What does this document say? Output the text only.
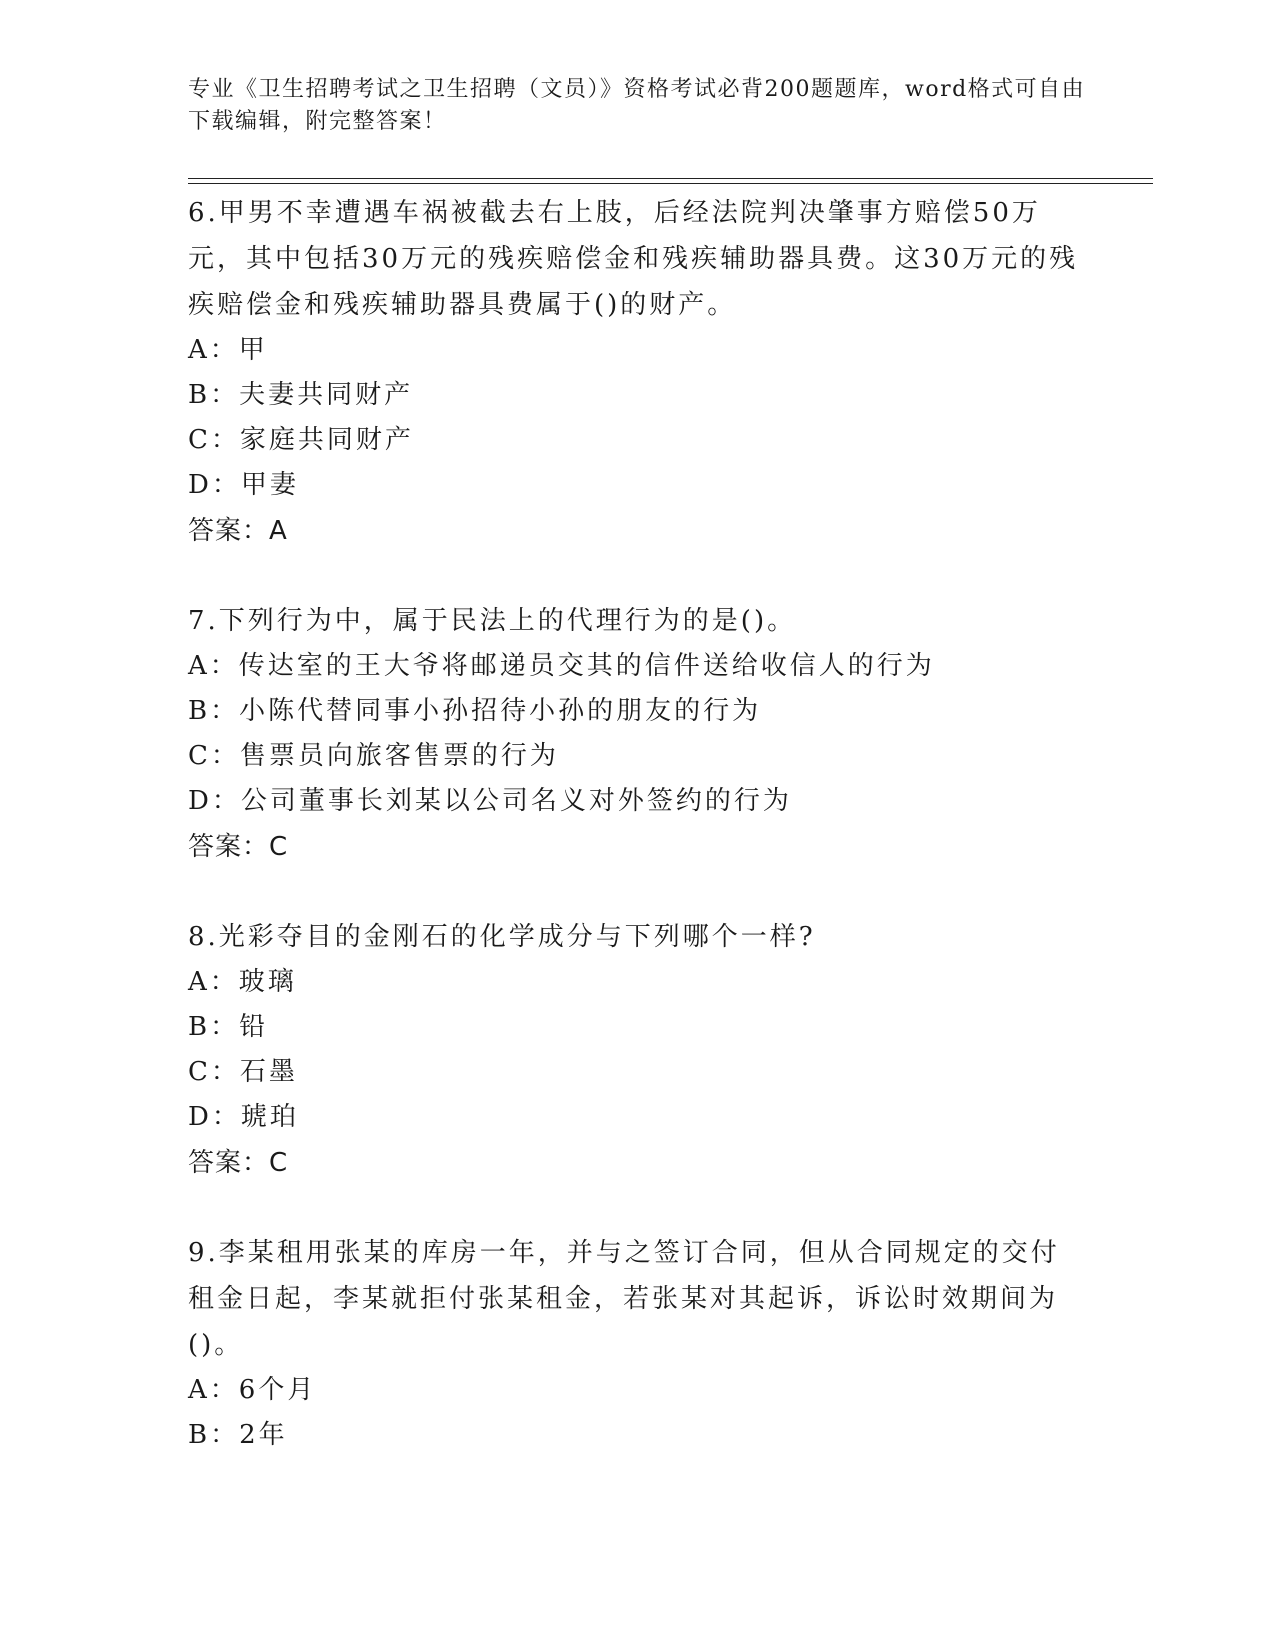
专业《卫生招聘考试之卫生招聘（文员）》资格考试必背200题题库，word格式可自由下载编辑，附完整答案！

6.甲男不幸遭遇车祸被截去右上肢，后经法院判决肇事方赔偿50万元，其中包括30万元的残疾赔偿金和残疾辅助器具费。这30万元的残疾赔偿金和残疾辅助器具费属于()的财产。

A：甲
B：夫妻共同财产
C：家庭共同财产
D：甲妻
答案：A

7.下列行为中，属于民法上的代理行为的是()。

A：传达室的王大爷将邮递员交其的信件送给收信人的行为
B：小陈代替同事小孙招待小孙的朋友的行为
C：售票员向旅客售票的行为
D：公司董事长刘某以公司名义对外签约的行为
答案：C

8.光彩夺目的金刚石的化学成分与下列哪个一样?

A：玻璃
B：铅
C：石墨
D：琥珀
答案：C

9.李某租用张某的库房一年，并与之签订合同，但从合同规定的交付租金日起，李某就拒付张某租金，若张某对其起诉，诉讼时效期间为()。

A：6个月
B：2年
